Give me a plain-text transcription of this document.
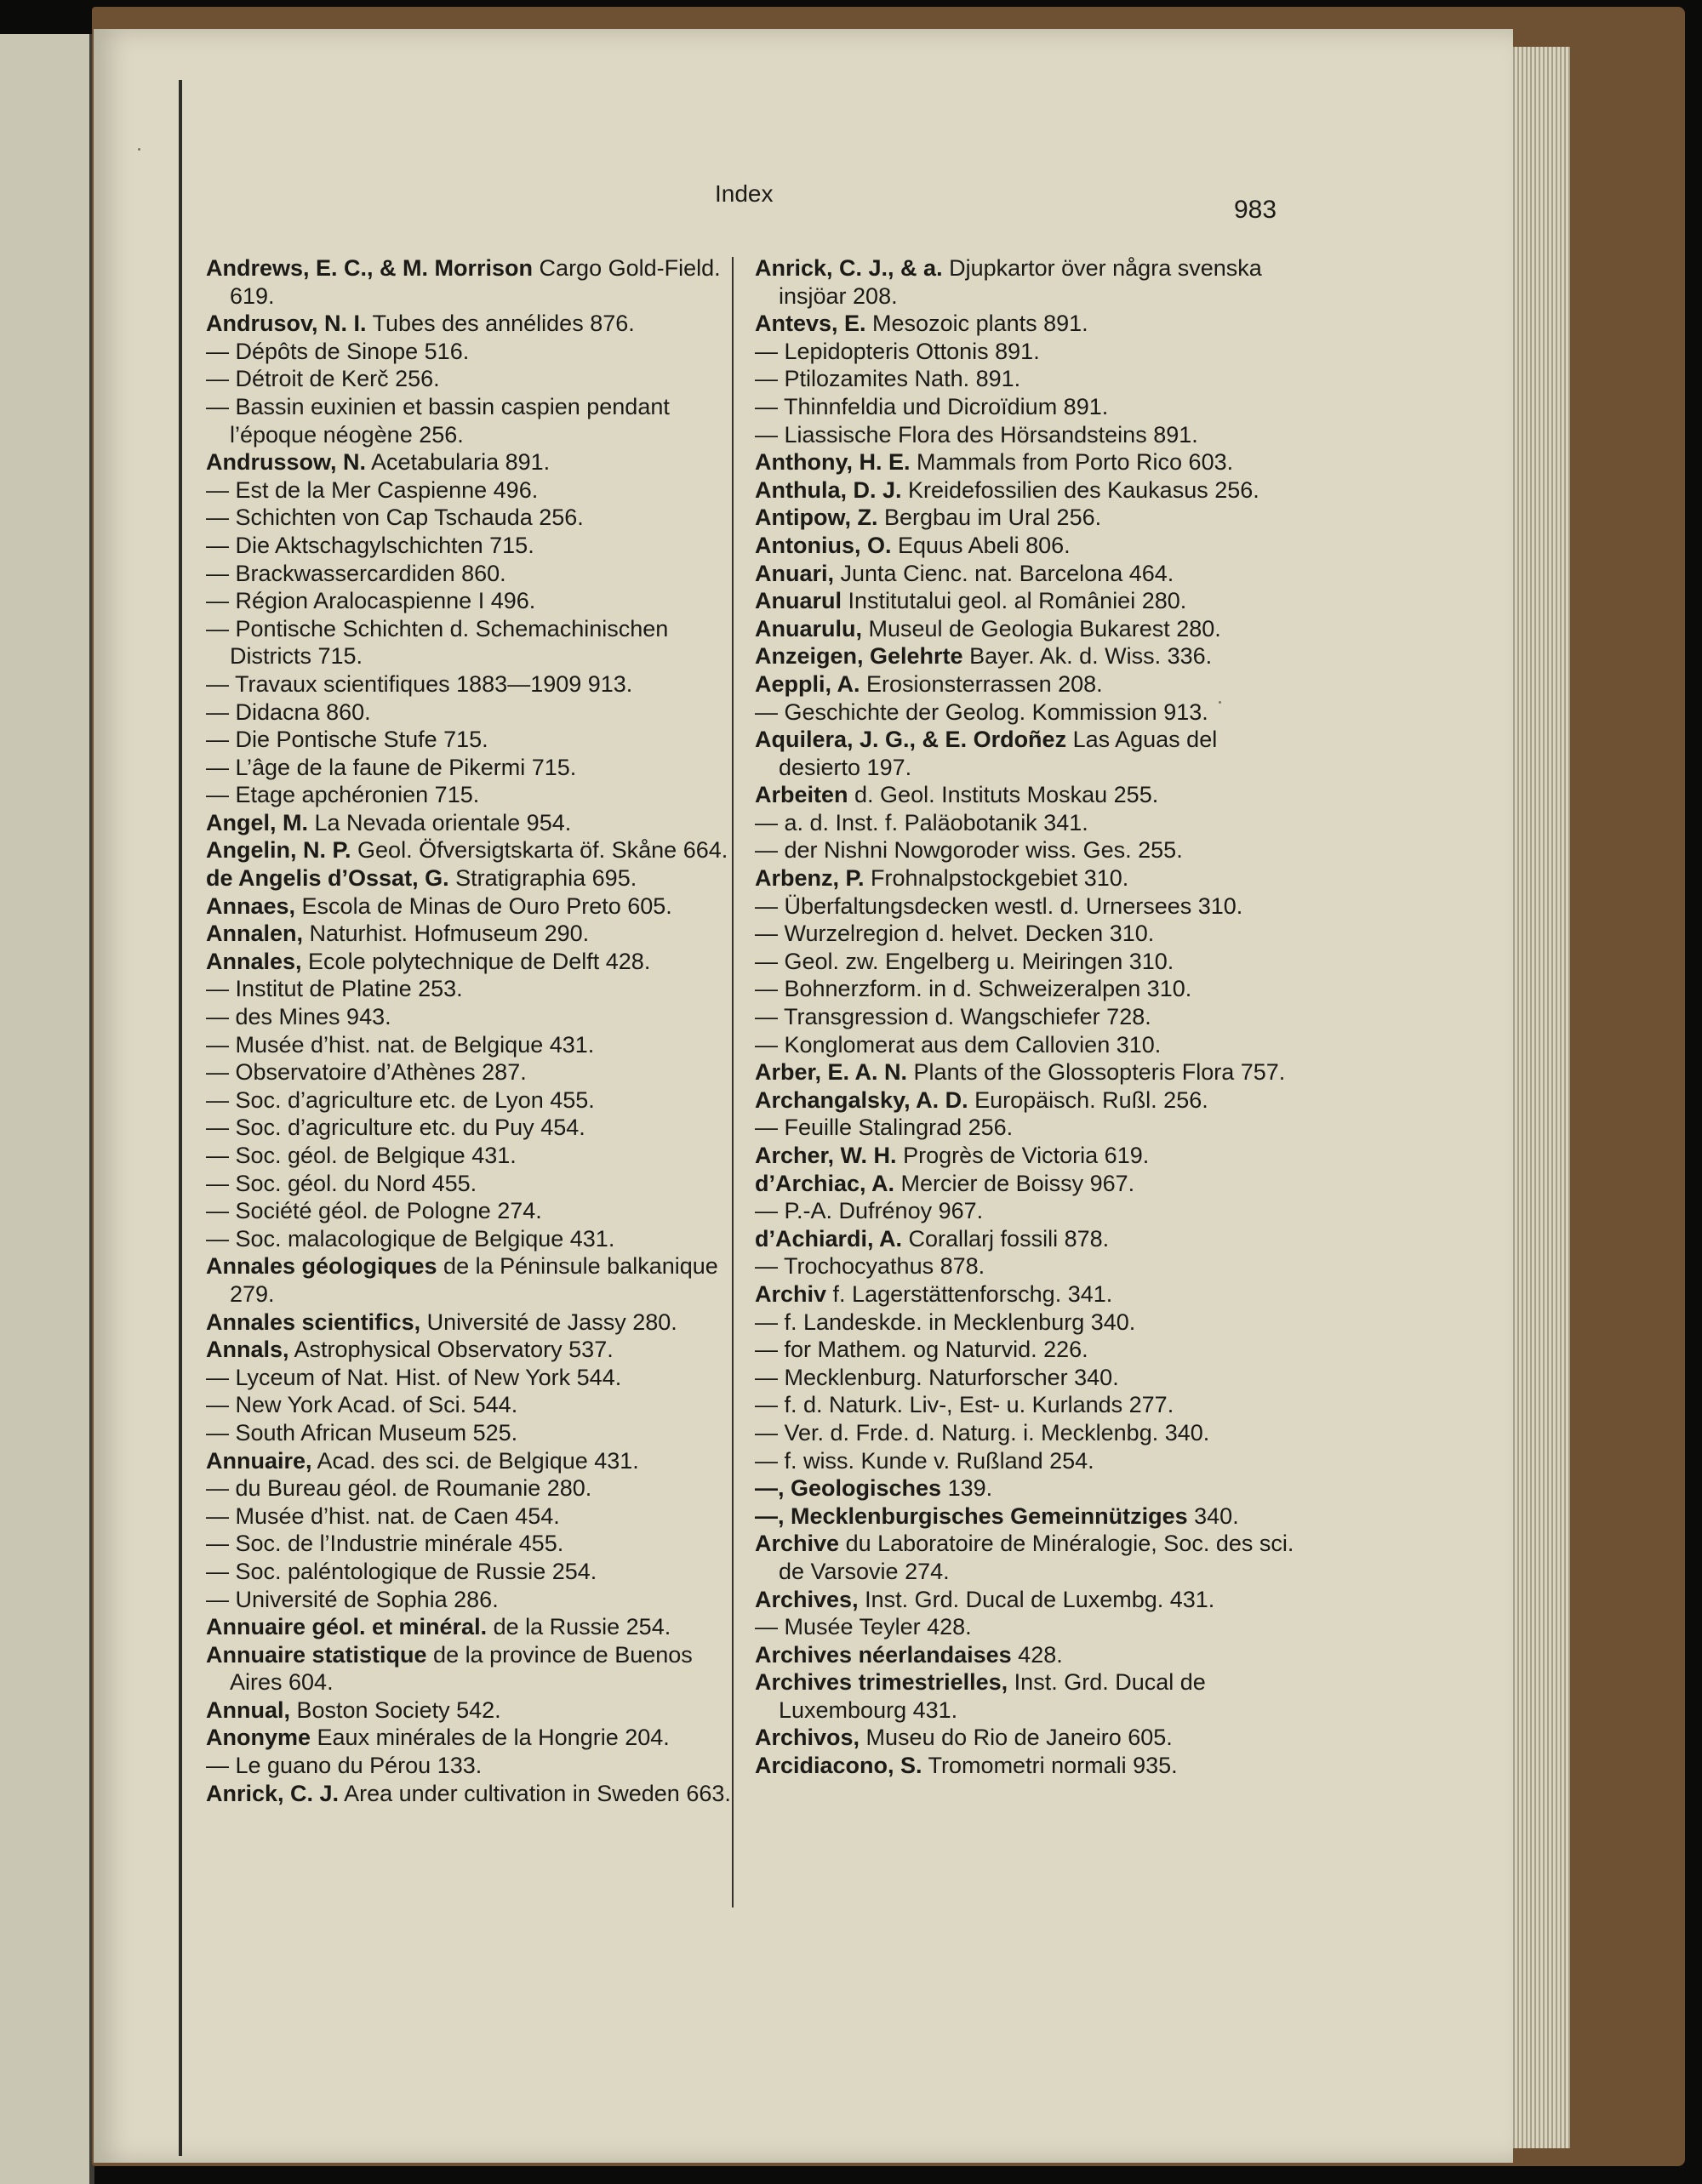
Index
983

Andrews, E. C., & M. Morrison Cargo Gold-Field. 619.

Andrusov, N. I. Tubes des annélides 876.

— Dépôts de Sinope 516.

— Détroit de Kerč 256.

— Bassin euxinien et bassin caspien pendant l’époque néogène 256.

Andrussow, N. Acetabularia 891.

— Est de la Mer Caspienne 496.

— Schichten von Cap Tschauda 256.

— Die Aktschagylschichten 715.

— Brackwassercardiden 860.

— Région Aralocaspienne I 496.

— Pontische Schichten d. Schemachinischen Districts 715.

— Travaux scientifiques 1883—1909 913.

— Didacna 860.

— Die Pontische Stufe 715.

— L’âge de la faune de Pikermi 715.

— Etage apchéronien 715.

Angel, M. La Nevada orientale 954.

Angelin, N. P. Geol. Öfversigtskarta öf. Skåne 664.

de Angelis d’Ossat, G. Stratigraphia 695.

Annaes, Escola de Minas de Ouro Preto 605.

Annalen, Naturhist. Hofmuseum 290.

Annales, Ecole polytechnique de Delft 428.

— Institut de Platine 253.

— des Mines 943.

— Musée d’hist. nat. de Belgique 431.

— Observatoire d’Athènes 287.

— Soc. d’agriculture etc. de Lyon 455.

— Soc. d’agriculture etc. du Puy 454.

— Soc. géol. de Belgique 431.

— Soc. géol. du Nord 455.

— Société géol. de Pologne 274.

— Soc. malacologique de Belgique 431.

Annales géologiques de la Péninsule balkanique 279.

Annales scientifics, Université de Jassy 280.

Annals, Astrophysical Observatory 537.

— Lyceum of Nat. Hist. of New York 544.

— New York Acad. of Sci. 544.

— South African Museum 525.

Annuaire, Acad. des sci. de Belgique 431.

— du Bureau géol. de Roumanie 280.

— Musée d’hist. nat. de Caen 454.

— Soc. de l’Industrie minérale 455.

— Soc. paléntologique de Russie 254.

— Université de Sophia 286.

Annuaire géol. et minéral. de la Russie 254.

Annuaire statistique de la province de Buenos Aires 604.

Annual, Boston Society 542.

Anonyme Eaux minérales de la Hongrie 204.

— Le guano du Pérou 133.

Anrick, C. J. Area under cultivation in Sweden 663.

Anrick, C. J., & a. Djupkartor över några svenska insjöar 208.

Antevs, E. Mesozoic plants 891.

— Lepidopteris Ottonis 891.

— Ptilozamites Nath. 891.

— Thinnfeldia und Dicroïdium 891.

— Liassische Flora des Hörsandsteins 891.

Anthony, H. E. Mammals from Porto Rico 603.

Anthula, D. J. Kreidefossilien des Kaukasus 256.

Antipow, Z. Bergbau im Ural 256.

Antonius, O. Equus Abeli 806.

Anuari, Junta Cienc. nat. Barcelona 464.

Anuarul Institutalui geol. al României 280.

Anuarulu, Museul de Geologia Bukarest 280.

Anzeigen, Gelehrte Bayer. Ak. d. Wiss. 336.

Aeppli, A. Erosionsterrassen 208.

— Geschichte der Geolog. Kommission 913.

Aquilera, J. G., & E. Ordoñez Las Aguas del desierto 197.

Arbeiten d. Geol. Instituts Moskau 255.

— a. d. Inst. f. Paläobotanik 341.

— der Nishni Nowgoroder wiss. Ges. 255.

Arbenz, P. Frohnalpstockgebiet 310.

— Überfaltungsdecken westl. d. Urnersees 310.

— Wurzelregion d. helvet. Decken 310.

— Geol. zw. Engelberg u. Meiringen 310.

— Bohnerzform. in d. Schweizeralpen 310.

— Transgression d. Wangschiefer 728.

— Konglomerat aus dem Callovien 310.

Arber, E. A. N. Plants of the Glossopteris Flora 757.

Archangalsky, A. D. Europäisch. Rußl. 256.

— Feuille Stalingrad 256.

Archer, W. H. Progrès de Victoria 619.

d’Archiac, A. Mercier de Boissy 967.

— P.-A. Dufrénoy 967.

d’Achiardi, A. Corallarj fossili 878.

— Trochocyathus 878.

Archiv f. Lagerstättenforschg. 341.

— f. Landeskde. in Mecklenburg 340.

— for Mathem. og Naturvid. 226.

— Mecklenburg. Naturforscher 340.

— f. d. Naturk. Liv-, Est- u. Kurlands 277.

— Ver. d. Frde. d. Naturg. i. Mecklenbg. 340.

— f. wiss. Kunde v. Rußland 254.

—, Geologisches 139.

—, Mecklenburgisches Gemeinnütziges 340.

Archive du Laboratoire de Minéralogie, Soc. des sci. de Varsovie 274.

Archives, Inst. Grd. Ducal de Luxembg. 431.

— Musée Teyler 428.

Archives néerlandaises 428.

Archives trimestrielles, Inst. Grd. Ducal de Luxembourg 431.

Archivos, Museu do Rio de Janeiro 605.

Arcidiacono, S. Tromometri normali 935.
